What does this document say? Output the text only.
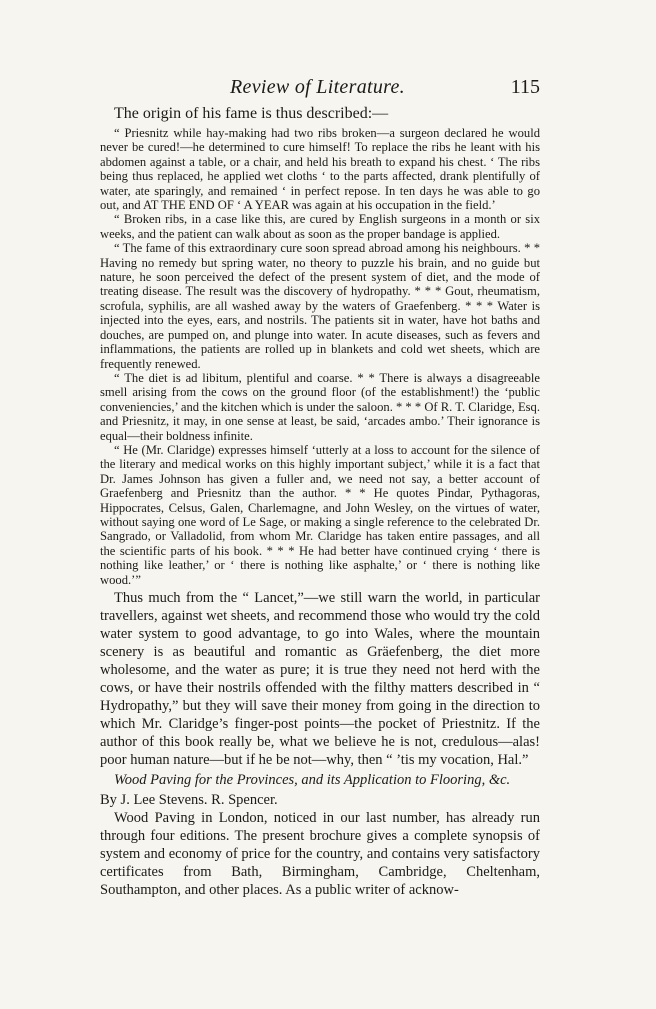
Review of Literature.	115

The origin of his fame is thus described:—

“ Priesnitz while hay-making had two ribs broken—a surgeon declared he would never be cured!—he determined to cure himself! To replace the ribs he leant with his abdomen against a table, or a chair, and held his breath to expand his chest. ‘ The ribs being thus replaced, he applied wet cloths ‘ to the parts affected, drank plentifully of water, ate sparingly, and remained ‘ in perfect repose. In ten days he was able to go out, and AT THE END OF ‘ A YEAR was again at his occupation in the field.’

“ Broken ribs, in a case like this, are cured by English surgeons in a month or six weeks, and the patient can walk about as soon as the proper bandage is applied.

“ The fame of this extraordinary cure soon spread abroad among his neighbours. * * Having no remedy but spring water, no theory to puzzle his brain, and no guide but nature, he soon perceived the defect of the present system of diet, and the mode of treating disease. The result was the discovery of hydropathy. * * * Gout, rheumatism, scrofula, syphilis, are all washed away by the waters of Graefenberg. * * * Water is injected into the eyes, ears, and nostrils. The patients sit in water, have hot baths and douches, are pumped on, and plunge into water. In acute diseases, such as fevers and inflammations, the patients are rolled up in blankets and cold wet sheets, which are frequently renewed.

“ The diet is ad libitum, plentiful and coarse. * * There is always a disagreeable smell arising from the cows on the ground floor (of the establishment!) the ‘public conveniencies,’ and the kitchen which is under the saloon. * * * Of R. T. Claridge, Esq. and Priesnitz, it may, in one sense at least, be said, ‘arcades ambo.’ Their ignorance is equal—their boldness infinite.

“ He (Mr. Claridge) expresses himself ‘utterly at a loss to account for the silence of the literary and medical works on this highly important subject,’ while it is a fact that Dr. James Johnson has given a fuller and, we need not say, a better account of Graefenberg and Priesnitz than the author. * * He quotes Pindar, Pythagoras, Hippocrates, Celsus, Galen, Charlemagne, and John Wesley, on the virtues of water, without saying one word of Le Sage, or making a single reference to the celebrated Dr. Sangrado, or Valladolid, from whom Mr. Claridge has taken entire passages, and all the scientific parts of his book. * * * He had better have continued crying ‘ there is nothing like leather,’ or ‘ there is nothing like asphalte,’ or ‘ there is nothing like wood.’”

Thus much from the “ Lancet,”—we still warn the world, in particular travellers, against wet sheets, and recommend those who would try the cold water system to good advantage, to go into Wales, where the mountain scenery is as beautiful and romantic as Gräefenberg, the diet more wholesome, and the water as pure; it is true they need not herd with the cows, or have their nostrils offended with the filthy matters described in “ Hydropathy,” but they will save their money from going in the direction to which Mr. Claridge’s finger-post points—the pocket of Priestnitz. If the author of this book really be, what we believe he is not, credulous—alas! poor human nature—but if he be not—why, then “ ’tis my vocation, Hal.”

Wood Paving for the Provinces, and its Application to Flooring, &c.

By J. Lee Stevens. R. Spencer.

Wood Paving in London, noticed in our last number, has already run through four editions. The present brochure gives a complete synopsis of system and economy of price for the country, and contains very satisfactory certificates from Bath, Birmingham, Cambridge, Cheltenham, Southampton, and other places. As a public writer of acknow-
